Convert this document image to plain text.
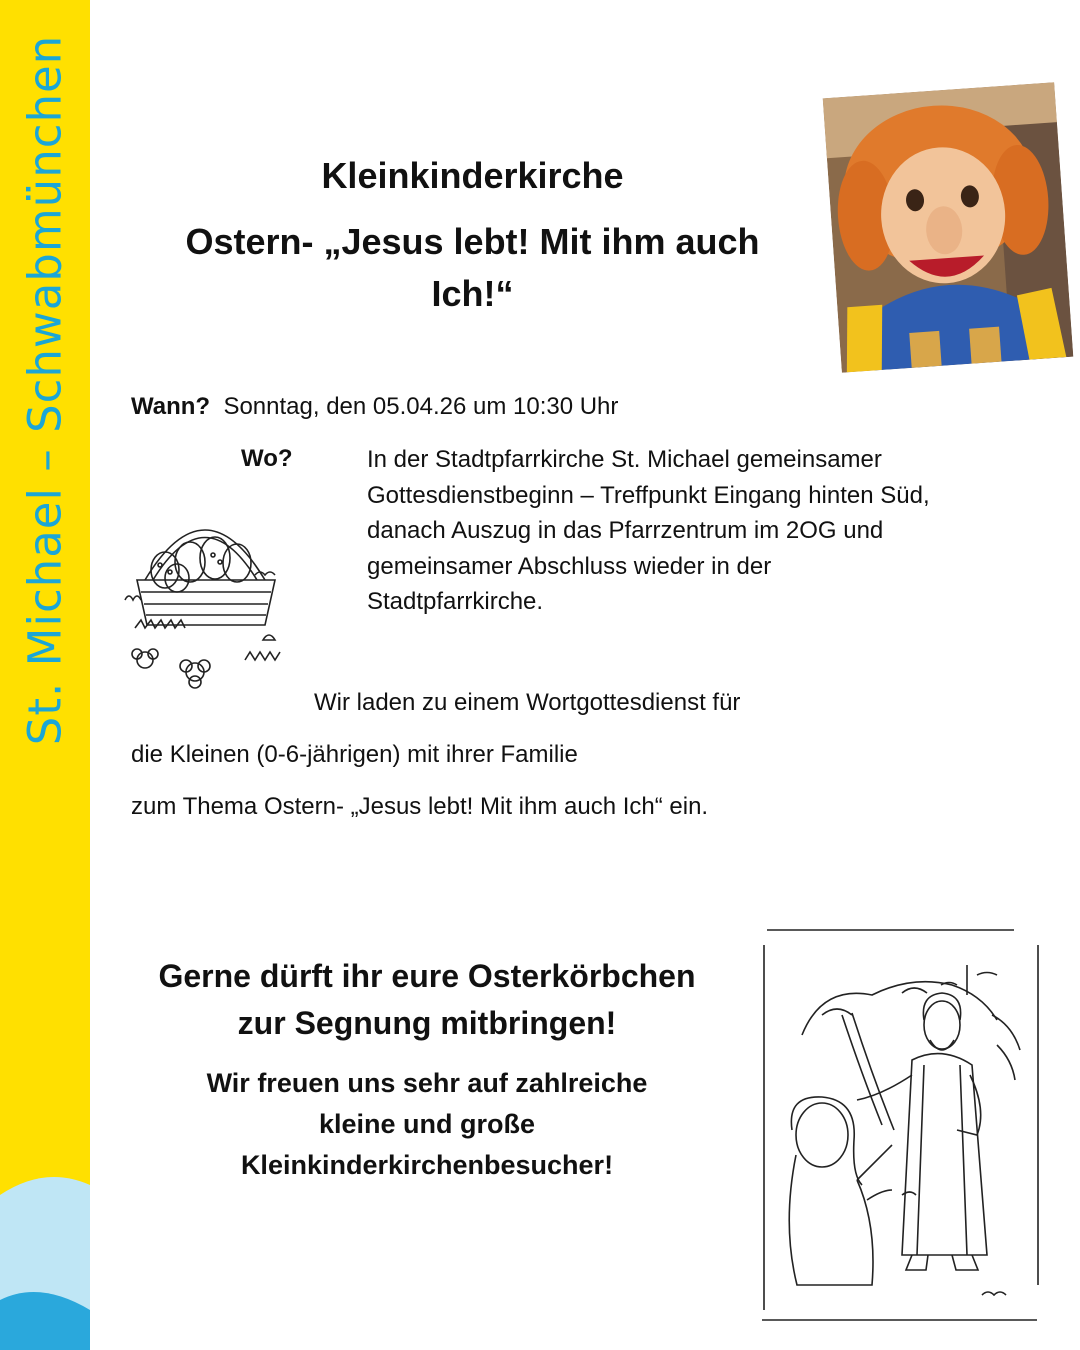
St. Michael – Schwabmünchen	Kleinkinderkirche
Ostern- „Jesus lebt! Mit ihm auch
Ich!“
Wann? Sonntag, den 05.04.26 um 10:30 Uhr
Wo?	In der Stadtpfarrkirche St. Michael gemeinsamer
Gottesdienstbeginn – Treffpunkt Eingang hinten Süd,
danach Auszug in das Pfarrzentrum im 2OG und
gemeinsamer Abschluss wieder in der
Stadtpfarrkirche.
Wir laden zu einem Wortgottesdienst für
die Kleinen (0-6-jährigen) mit ihrer Familie
zum Thema Ostern- „Jesus lebt! Mit ihm auch Ich“ ein.
Gerne dürft ihr eure Osterkörbchen
zur Segnung mitbringen!
Wir freuen uns sehr auf zahlreiche
kleine und große
Kleinkinderkirchenbesucher!
